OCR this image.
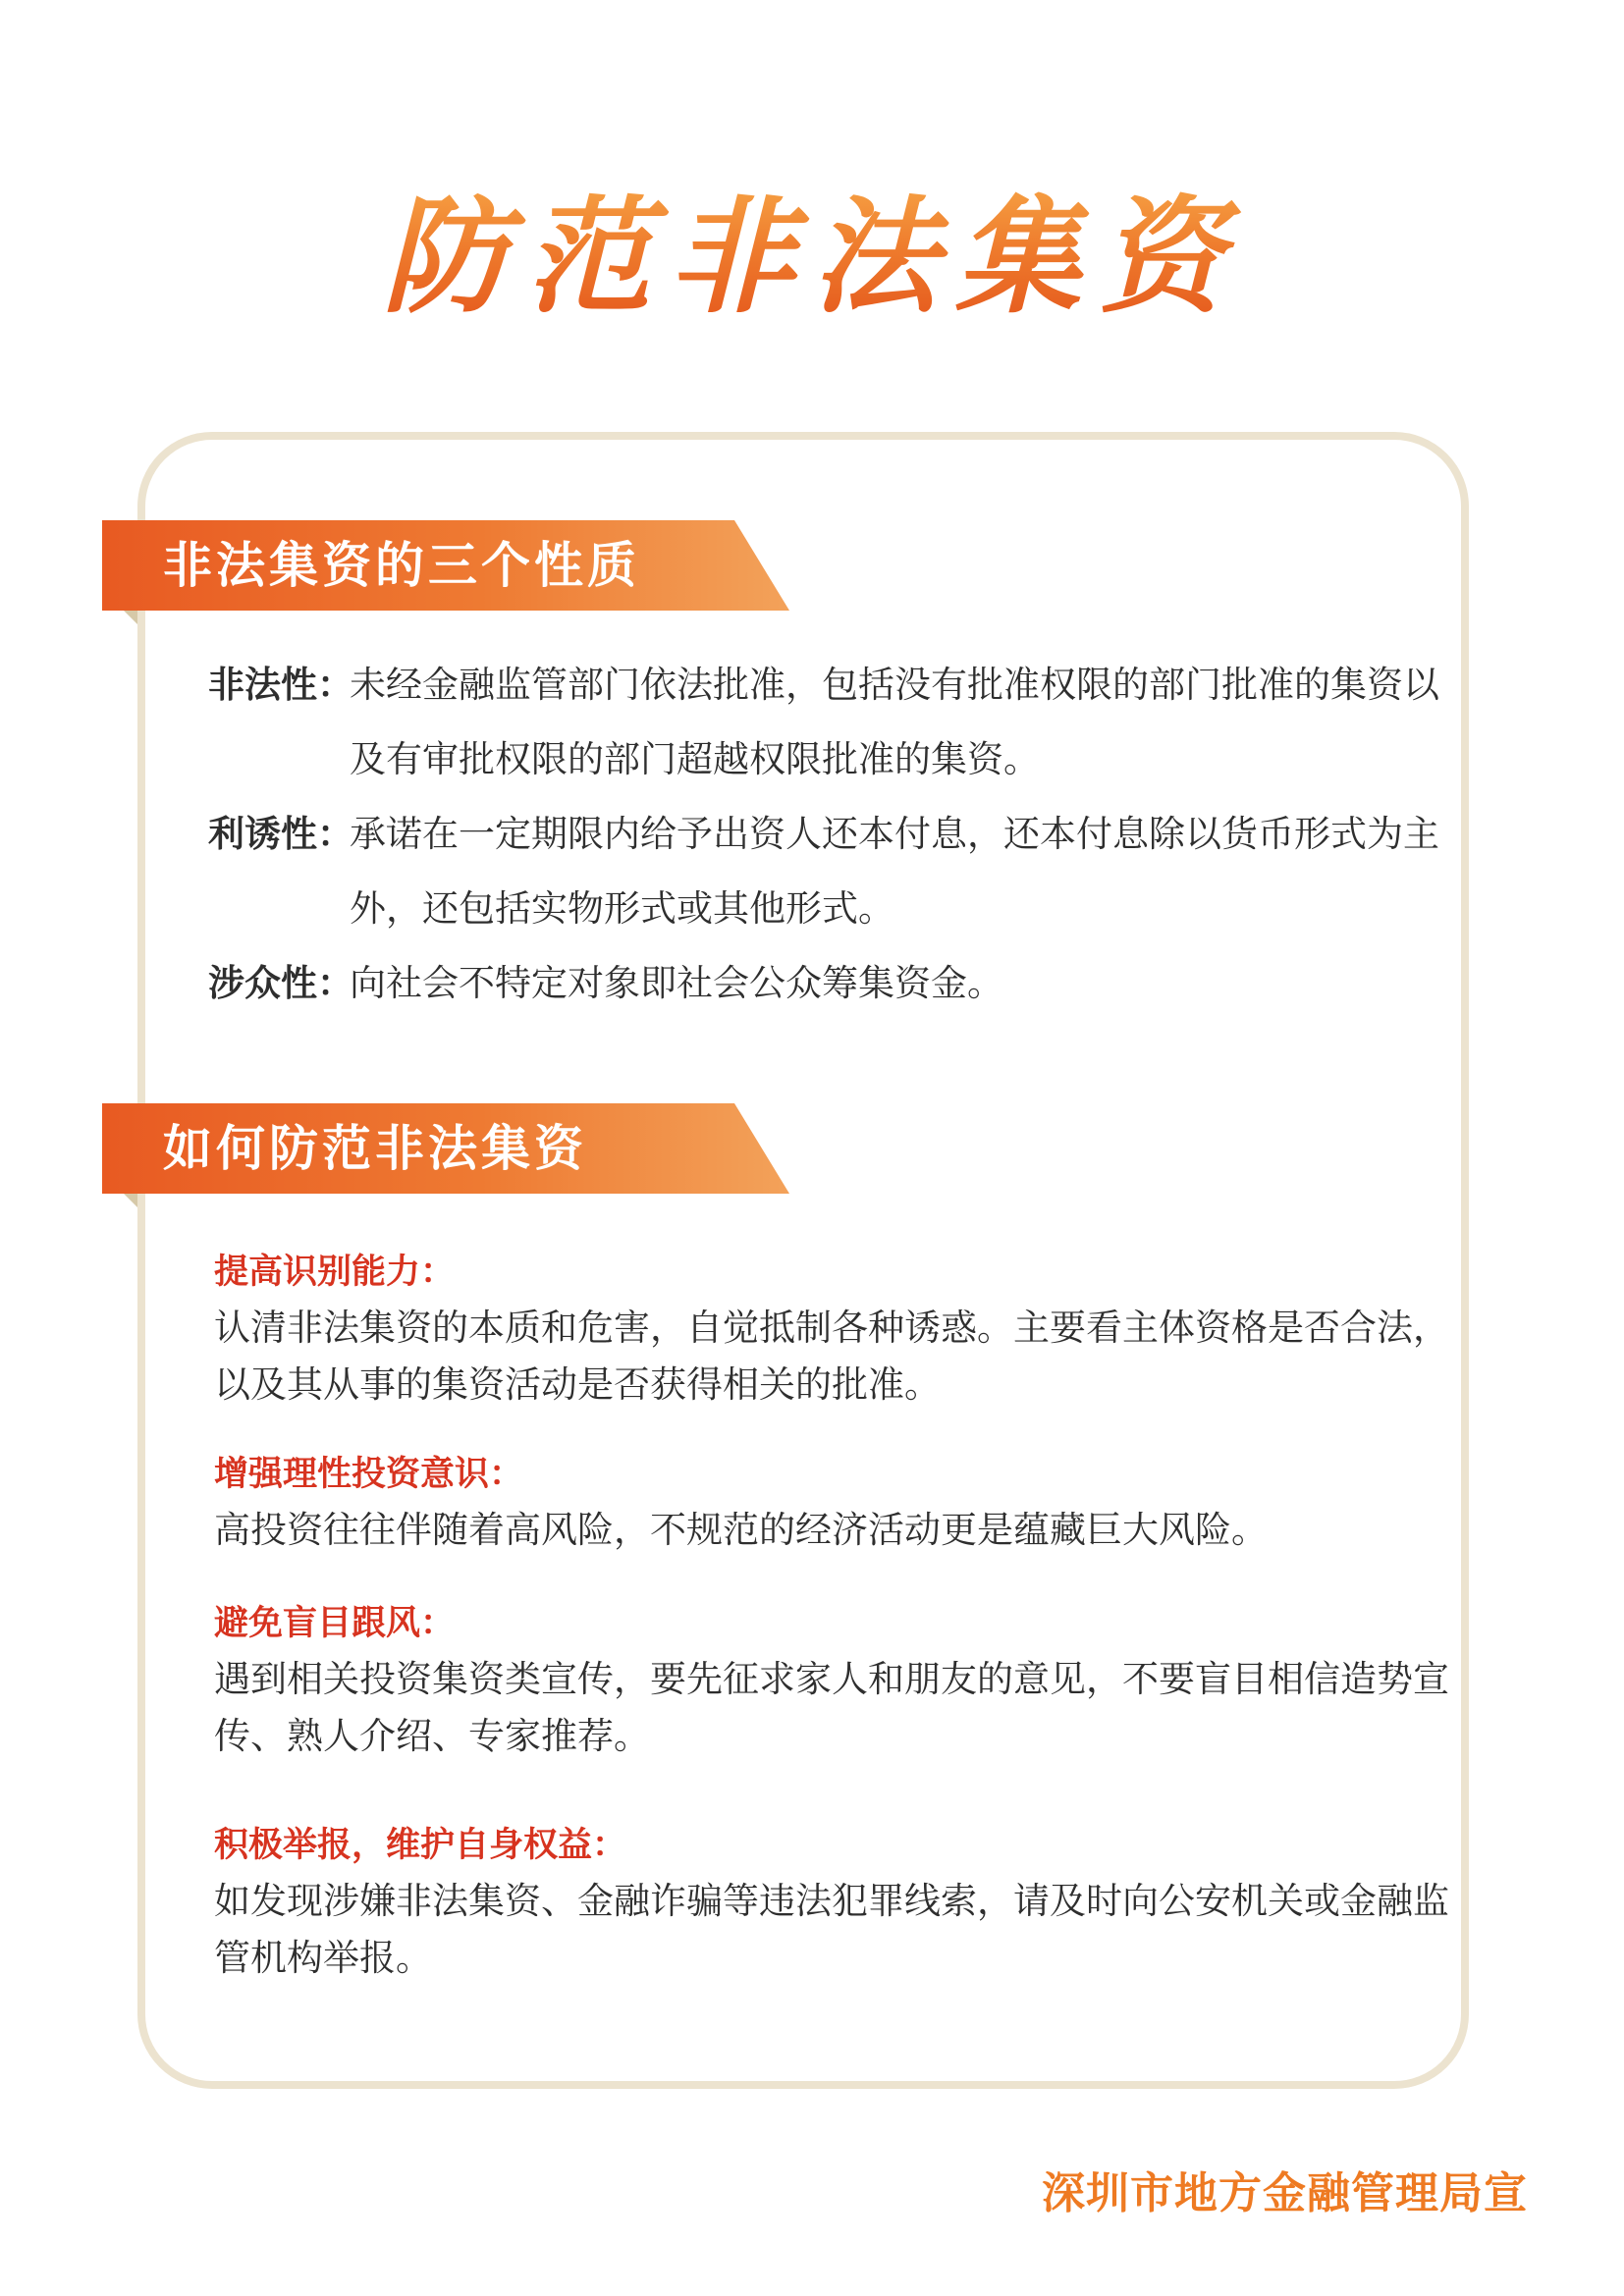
防范非法集资
非法集资的三个性质
非法性：
未经金融监管部门依法批准，包括没有批准权限的部门批准的集资以及有审批权限的部门超越权限批准的集资。
利诱性：
承诺在一定期限内给予出资人还本付息，还本付息除以货币形式为主外，还包括实物形式或其他形式。
涉众性：
向社会不特定对象即社会公众筹集资金。
如何防范非法集资
提高识别能力：
认清非法集资的本质和危害，自觉抵制各种诱惑。主要看主体资格是否合法，以及其从事的集资活动是否获得相关的批准。
增强理性投资意识：
高投资往往伴随着高风险，不规范的经济活动更是蕴藏巨大风险。
避免盲目跟风：
遇到相关投资集资类宣传，要先征求家人和朋友的意见，不要盲目相信造势宣传、熟人介绍、专家推荐。
积极举报，维护自身权益：
如发现涉嫌非法集资、金融诈骗等违法犯罪线索，请及时向公安机关或金融监管机构举报。
深圳市地方金融管理局宣
